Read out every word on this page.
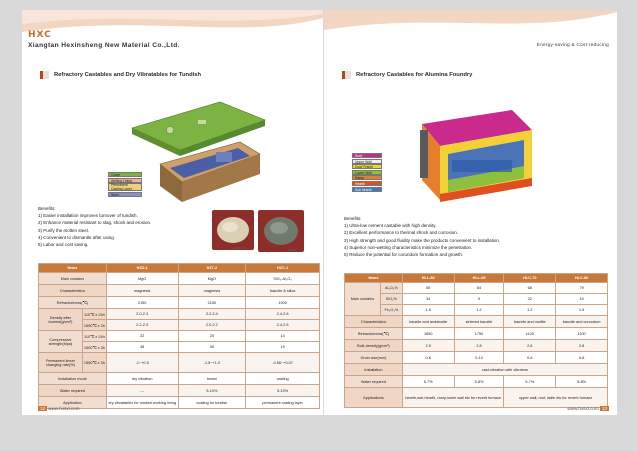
HXC
Xiangtan Hexinsheng New Material Co.,Ltd.
Refractory Castables and Dry Vibratables for Tundish
Cover
Welling Lining
Permanent Casting Layer
Steel
HZD-1	HZT-2
Benefits:
1) Easier installation improves turnover of tundish.
2) Enhance material resistant to slag, shock and erosion.
3) Purify the molten steel.
4) Convenient to dismantle after using.
5) Labor and cost saving.
Items		HZD-1	HZT-2	HZC-1
Main contains		MgO	MgO	SiO₂-Al₂O₃
Characteristics		magnesia	magnesia	bauxite & silica
Refractoriness(℃)		2150	2150	1900
Density after burned(g/cm³)	110℃ x 24h	2.0-2.3	2.2-2.4	2.4-2.6
	1500℃ x 3h	2.2-2.3	2.0-2.2	2.4-2.5
Compressive strength(Mpa)	110℃ x 24h	22	20	14
	1500℃ x 3h	38	35	19
Permanent linear changing rate(%)	1500℃ x 3h	-1~+0.5	-1.5~+1.0	-0.56~+0.07
Installation mode		dry vibration	trowel	casting
Water required		---	5-10%	5-10%
Application		dry vibratables for tundish working lining	coating for tundish	permanent casting layer
12 www.hxsxl.com
Energy-saving & Cost-reducing
Refractory Castables for Alumina Foundry
Roof
Upper Wall
Door Frame
Lower Wall
Ramp
Hearth
Sub hearth
Benefits:
1) Ultra-low cement castable with high density.
2) Excellent performance to thermal shock and corrosion.
3) High strength and good fluidity make the products convenient to installation.
4) Superior non-wetting characteristics minimize the penetration.
5) Reduce the potential for corundum formation and growth.
Items		HLL-60	HLL-65	HLC-70	HLC-80
Main contains	Al₂O₃%	55	64	68	79
	SiO₂%	34	9	22	10
	Fe₂O₃%	1.5	1.2	1.2	1.5
Characteristics		bauxite and andalusite	sintered bauxite	bauxite and mullite	bauxite and corundum
Refractoriness(℃)		1650	1750	1100	1100
Bulk density(g/cm³)		2.5	2.8	2.6	2.8
Grain size(mm)		0-6	0-10	0-6	6-8
Installation		cast-vibration with vibrators			
Water required		5-7%	5-8%	5-7%	5-8%
Applications		hearth,sub-hearth, ramp,lower wall etc for reverb furnace		upper wall, roof, ladle etc for reverb furnace	
www.hxsxl.com 13
